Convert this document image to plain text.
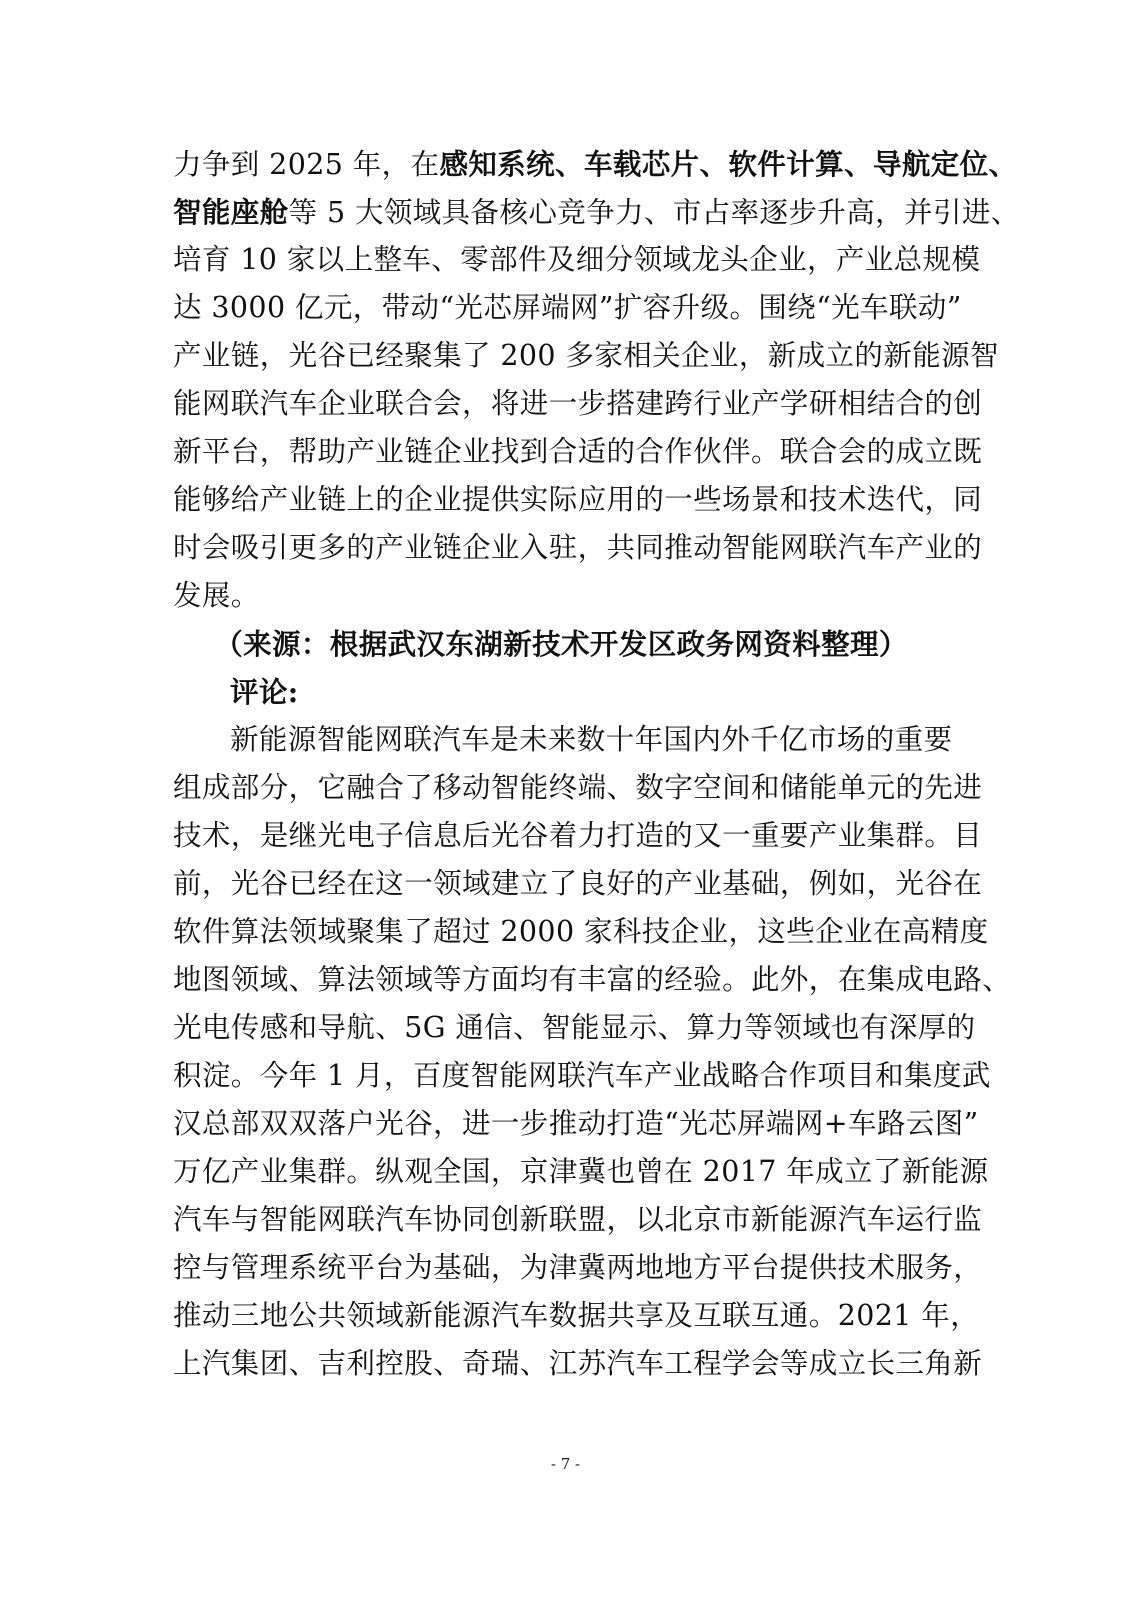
力争到 2025 年，在感知系统、车载芯片、软件计算、导航定位、
智能座舱等 5 大领域具备核心竞争力、市占率逐步升高，并引进、
培育 10 家以上整车、零部件及细分领域龙头企业，产业总规模
达 3000 亿元，带动“光芯屏端网”扩容升级。围绕“光车联动”
产业链，光谷已经聚集了 200 多家相关企业，新成立的新能源智
能网联汽车企业联合会，将进一步搭建跨行业产学研相结合的创
新平台，帮助产业链企业找到合适的合作伙伴。联合会的成立既
能够给产业链上的企业提供实际应用的一些场景和技术迭代，同
时会吸引更多的产业链企业入驻，共同推动智能网联汽车产业的
发展。
（来源：根据武汉东湖新技术开发区政务网资料整理）
评论:
新能源智能网联汽车是未来数十年国内外千亿市场的重要
组成部分，它融合了移动智能终端、数字空间和储能单元的先进
技术，是继光电子信息后光谷着力打造的又一重要产业集群。目
前，光谷已经在这一领域建立了良好的产业基础，例如，光谷在
软件算法领域聚集了超过 2000 家科技企业，这些企业在高精度
地图领域、算法领域等方面均有丰富的经验。此外，在集成电路、
光电传感和导航、5G 通信、智能显示、算力等领域也有深厚的
积淀。今年 1 月，百度智能网联汽车产业战略合作项目和集度武
汉总部双双落户光谷，进一步推动打造“光芯屏端网+车路云图”
万亿产业集群。纵观全国，京津冀也曾在 2017 年成立了新能源
汽车与智能网联汽车协同创新联盟，以北京市新能源汽车运行监
控与管理系统平台为基础，为津冀两地地方平台提供技术服务，
推动三地公共领域新能源汽车数据共享及互联互通。2021 年，
上汽集团、吉利控股、奇瑞、江苏汽车工程学会等成立长三角新
- 7 -
